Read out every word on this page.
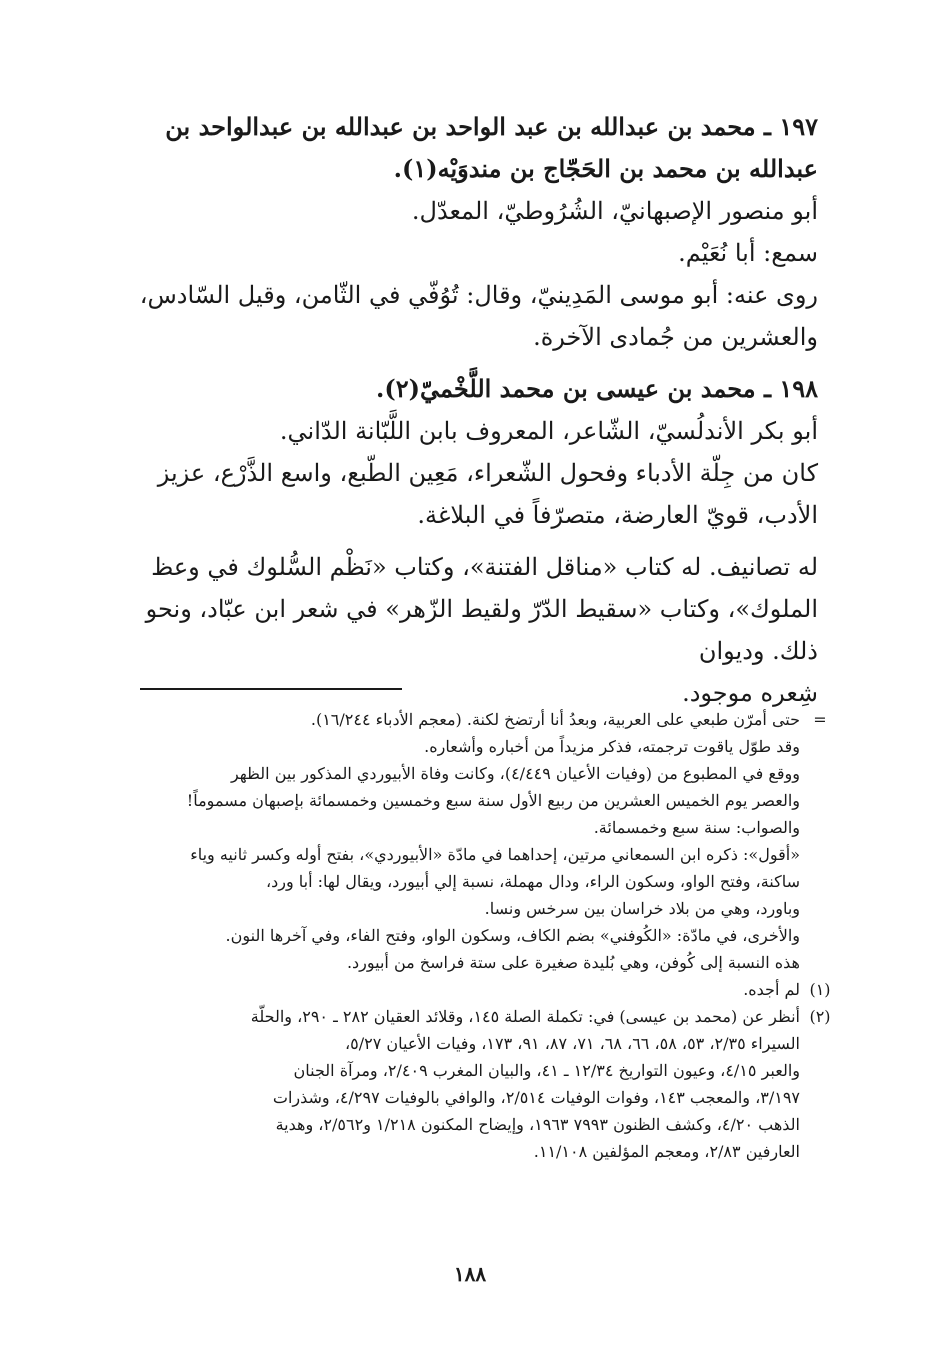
١٩٧ ـ محمد بن عبدالله بن عبد الواحد بن عبدالله بن عبدالواحد بن
عبدالله بن محمد بن الحَجّاج بن مندوَيْه(١).
أبو منصور الإصبهانيّ، الشُرُوطيّ، المعدّل.
سمع: أبا نُعَيْم.
روى عنه: أبو موسى المَدِينيّ، وقال: تُوُفّي في الثّامن، وقيل السّادس،
والعشرين من جُمادى الآخرة.
١٩٨ ـ محمد بن عيسى بن محمد اللَّخْميّ(٢).
أبو بكر الأندلُسيّ، الشّاعر، المعروف بابن اللَّبّانة الدّاني.
كان من جِلّة الأدباء وفحول الشّعراء، مَعِين الطّبع، واسع الذَّرْع، عزيز
الأدب، قويّ العارضة، متصرّفاً في البلاغة.
له تصانيف. له كتاب «مناقل الفتنة»، وكتاب «نَظْم السُّلوك في وعظ
الملوك»، وكتاب «سقيط الدّرّ ولقيط الزّهر» في شعر ابن عبّاد، ونحو ذلك. وديوان
شِعره موجود.
=

حتى أمرّن طبعي على العربية، وبعدُ أنا أرتضخ لكنة. (معجم الأدباء ١٦/٢٤٤).

وقد طوّل ياقوت ترجمته، فذكر مزيداً من أخباره وأشعاره.

ووقع في المطبوع من (وفيات الأعيان ٤/٤٤٩)، وكانت وفاة الأبيوردي المذكور بين الظهر

والعصر يوم الخميس العشرين من ربيع الأول سنة سبع وخمسين وخمسمائة بإصبهان مسموماً!

والصواب: سنة سبع وخمسمائة.

«أقول»: ذكره ابن السمعاني مرتين، إحداهما في مادّة «الأبيوردي»، بفتح أوله وكسر ثانيه وياء

ساكنة، وفتح الواو، وسكون الراء، ودال مهملة، نسبة إلي أبيورد، ويقال لها: أبا ورد،

وباورد، وهي من بلاد خراسان بين سرخس ونسا.

والأخرى، في مادّة: «الكُوفني» بضم الكاف، وسكون الواو، وفتح الفاء، وفي آخرها النون.

هذه النسبة إلى كُوفن، وهي بُليدة صغيرة على ستة فراسخ من أبيورد.

(١)

لم أجده.

(٢)

أنظر عن (محمد بن عيسى) في: تكملة الصلة ١٤٥، وقلائد العقيان ٢٨٢ ـ ٢٩٠، والحلّة

السيراء ٢/٣٥، ٥٣، ٥٨، ٦٦، ٦٨، ٧١، ٨٧، ٩١، ١٧٣، وفيات الأعيان ٥/٢٧،

والعبر ٤/١٥، وعيون التواريخ ١٢/٣٤ ـ ٤١، والبيان المغرب ٢/٤٠٩، ومرآة الجنان

٣/١٩٧، والمعجب ١٤٣، وفوات الوفيات ٢/٥١٤، والوافي بالوفيات ٤/٢٩٧، وشذرات

الذهب ٤/٢٠، وكشف الظنون ٧٩٩٣ ١٩٦٣، وإيضاح المكنون ١/٢١٨ و٢/٥٦٢، وهدية

العارفين ٢/٨٣، ومعجم المؤلفين ١١/١٠٨.

١٨٨
